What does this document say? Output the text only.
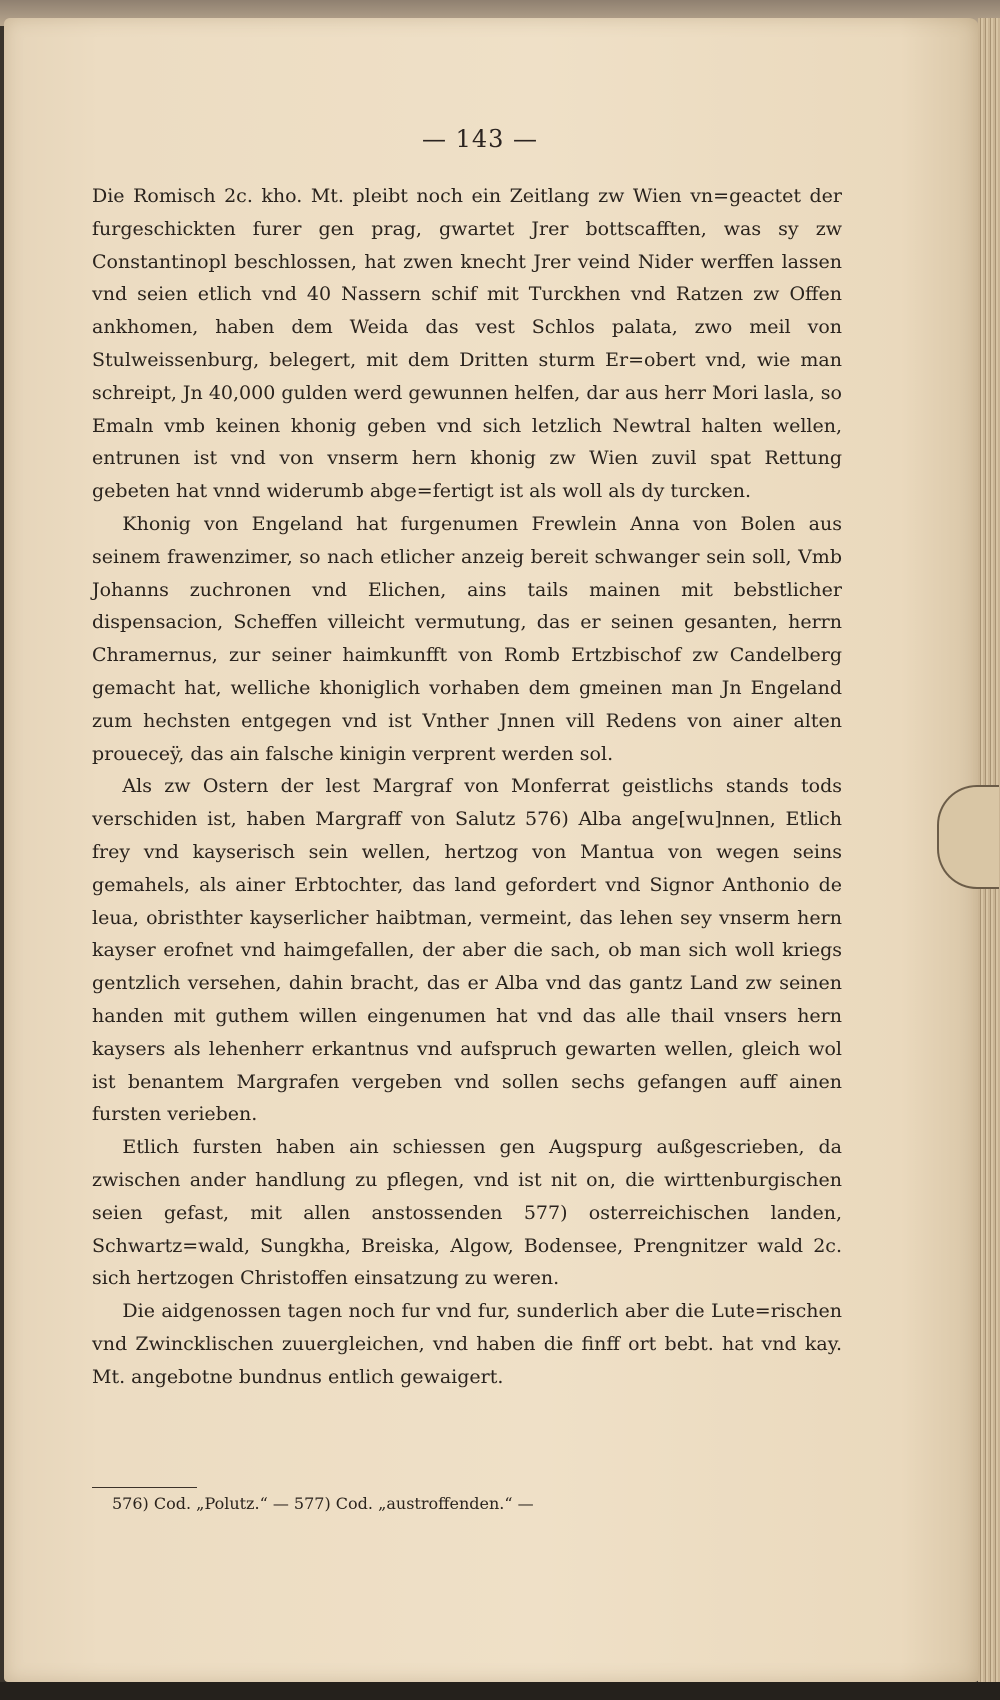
— 143 —

Die Romisch 2c. kho. Mt. pleibt noch ein Zeitlang zw Wien vn=geactet der furgeschickten furer gen prag, gwartet Jrer bottscafften, was sy zw Constantinopl beschlossen, hat zwen knecht Jrer veind Nider werffen lassen vnd seien etlich vnd 40 Nassern schif mit Turckhen vnd Ratzen zw Offen ankhomen, haben dem Weida das vest Schlos palata, zwo meil von Stulweissenburg, belegert, mit dem Dritten sturm Er=obert vnd, wie man schreipt, Jn 40,000 gulden werd gewunnen helfen, dar aus herr Mori lasla, so Emaln vmb keinen khonig geben vnd sich letzlich Newtral halten wellen, entrunen ist vnd von vnserm hern khonig zw Wien zuvil spat Rettung gebeten hat vnnd widerumb abge=fertigt ist als woll als dy turcken.

Khonig von Engeland hat furgenumen Frewlein Anna von Bolen aus seinem frawenzimer, so nach etlicher anzeig bereit schwanger sein soll, Vmb Johanns zuchronen vnd Elichen, ains tails mainen mit bebstlicher dispensacion, Scheffen villeicht vermutung, das er seinen gesanten, herrn Chramernus, zur seiner haimkunfft von Romb Ertzbischof zw Candelberg gemacht hat, welliche khoniglich vorhaben dem gmeinen man Jn Engeland zum hechsten entgegen vnd ist Vnther Jnnen vill Redens von ainer alten proueceÿ, das ain falsche kinigin verprent werden sol.

Als zw Ostern der lest Margraf von Monferrat geistlichs stands tods verschiden ist, haben Margraff von Salutz 576) Alba ange[wu]nnen, Etlich frey vnd kayserisch sein wellen, hertzog von Mantua von wegen seins gemahels, als ainer Erbtochter, das land gefordert vnd Signor Anthonio de leua, obristhter kayserlicher haibtman, vermeint, das lehen sey vnserm hern kayser erofnet vnd haimgefallen, der aber die sach, ob man sich woll kriegs gentzlich versehen, dahin bracht, das er Alba vnd das gantz Land zw seinen handen mit guthem willen eingenumen hat vnd das alle thail vnsers hern kaysers als lehenherr erkantnus vnd aufspruch gewarten wellen, gleich wol ist benantem Margrafen vergeben vnd sollen sechs gefangen auff ainen fursten verieben.

Etlich fursten haben ain schiessen gen Augspurg außgescrieben, da zwischen ander handlung zu pflegen, vnd ist nit on, die wirttenburgischen seien gefast, mit allen anstossenden 577) osterreichischen landen, Schwartz=wald, Sungkha, Breiska, Algow, Bodensee, Prengnitzer wald 2c. sich hertzogen Christoffen einsatzung zu weren.

Die aidgenossen tagen noch fur vnd fur, sunderlich aber die Lute=rischen vnd Zwincklischen zuuergleichen, vnd haben die finff ort bebt. hat vnd kay. Mt. angebotne bundnus entlich gewaigert.

576) Cod. „Polutz.“ — 577) Cod. „austroffenden.“ —
